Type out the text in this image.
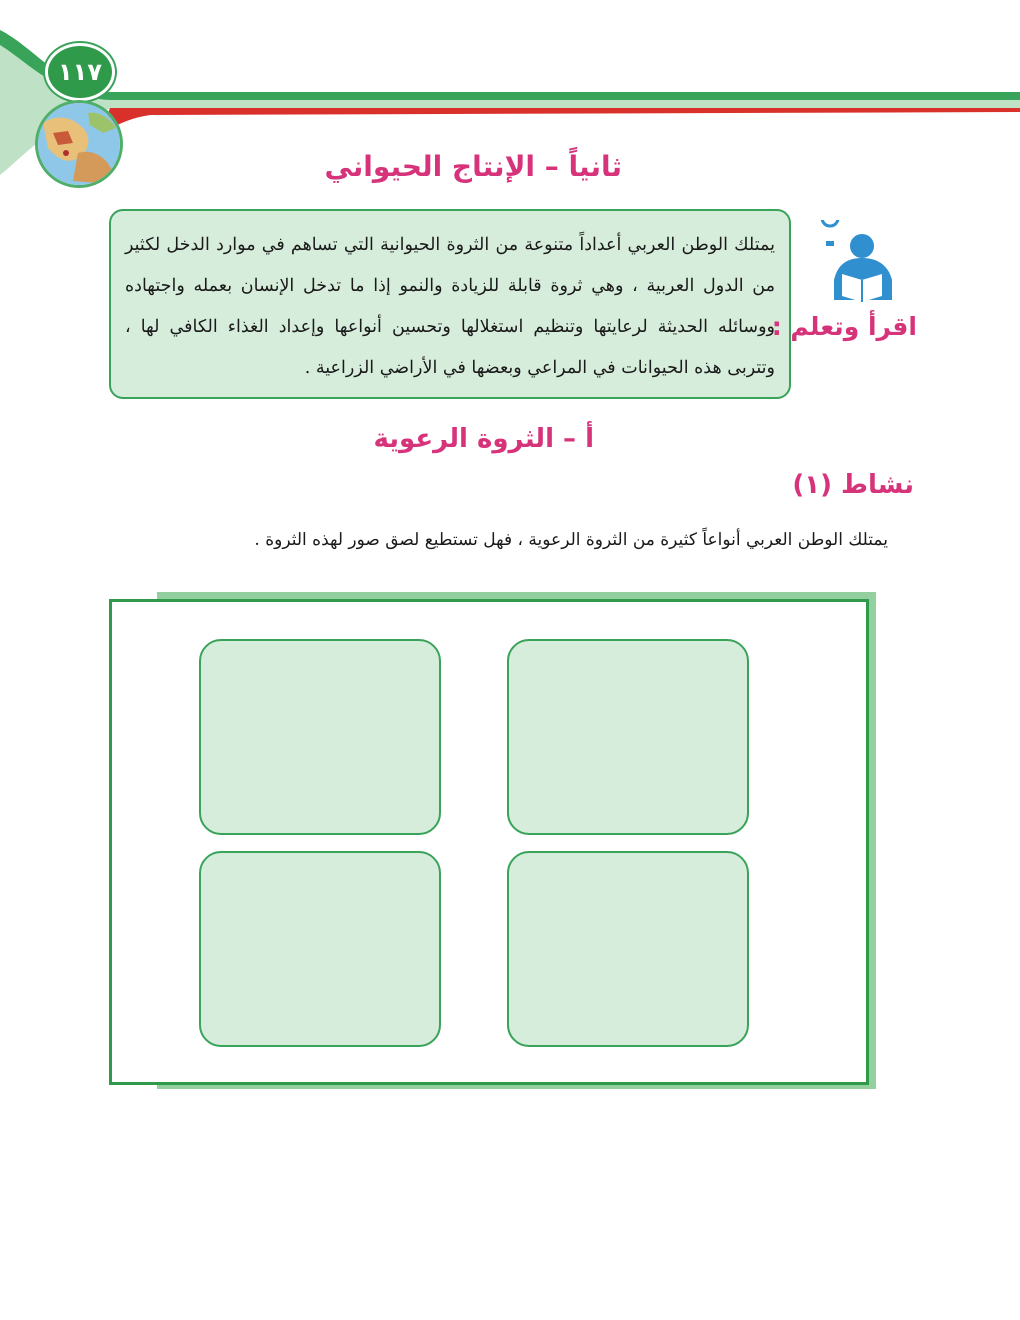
١١٧
ثانياً – الإنتاج الحيواني

يمتلك الوطن العربي أعداداً متنوعة من الثروة الحيوانية التي تساهم في موارد الدخل لكثير من الدول العربية ، وهي ثروة قابلة للزيادة والنمو إذا ما تدخل الإنسان بعمله واجتهاده ووسائله الحديثة لرعايتها وتنظيم استغلالها وتحسين أنواعها وإعداد الغذاء الكافي لها ، وتتربى هذه الحيوانات في المراعي وبعضها في الأراضي الزراعية .

اقرأ وتعلم :
أ – الثروة الرعوية
نشاط (١)
يمتلك الوطن العربي أنواعاً كثيرة من الثروة الرعوية ، فهل تستطيع لصق صور لهذه الثروة .
